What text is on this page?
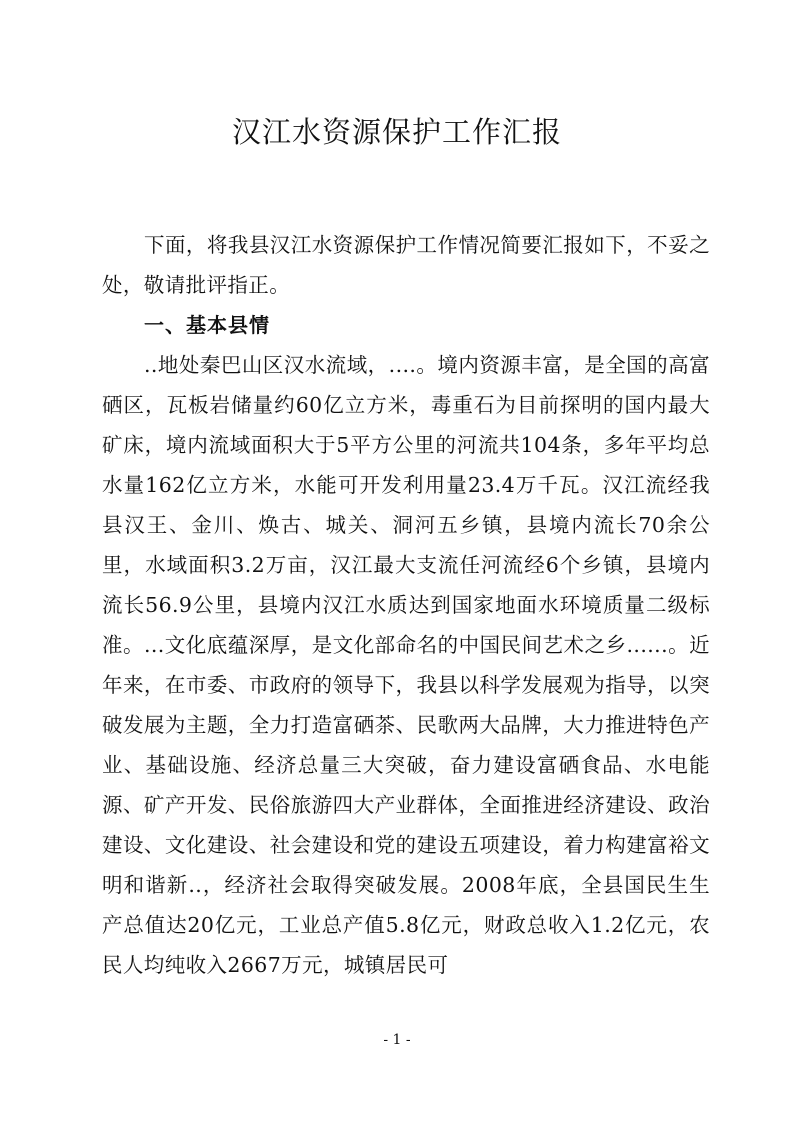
汉江水资源保护工作汇报

下面，将我县汉江水资源保护工作情况简要汇报如下，不妥之处，敬请批评指正。

一、基本县情

..地处秦巴山区汉水流域，....。境内资源丰富，是全国的高富硒区，瓦板岩储量约60亿立方米，毒重石为目前探明的国内最大矿床，境内流域面积大于5平方公里的河流共104条，多年平均总水量162亿立方米，水能可开发利用量23.4万千瓦。汉江流经我县汉王、金川、焕古、城关、洞河五乡镇，县境内流长70余公里，水域面积3.2万亩，汉江最大支流任河流经6个乡镇，县境内流长56.9公里，县境内汉江水质达到国家地面水环境质量二级标准。...文化底蕴深厚，是文化部命名的中国民间艺术之乡......。近年来，在市委、市政府的领导下，我县以科学发展观为指导，以突破发展为主题，全力打造富硒茶、民歌两大品牌，大力推进特色产业、基础设施、经济总量三大突破，奋力建设富硒食品、水电能源、矿产开发、民俗旅游四大产业群体，全面推进经济建设、政治建设、文化建设、社会建设和党的建设五项建设，着力构建富裕文明和谐新..，经济社会取得突破发展。2008年底，全县国民生生产总值达20亿元，工业总产值5.8亿元，财政总收入1.2亿元，农民人均纯收入2667万元，城镇居民可

- 1 -
